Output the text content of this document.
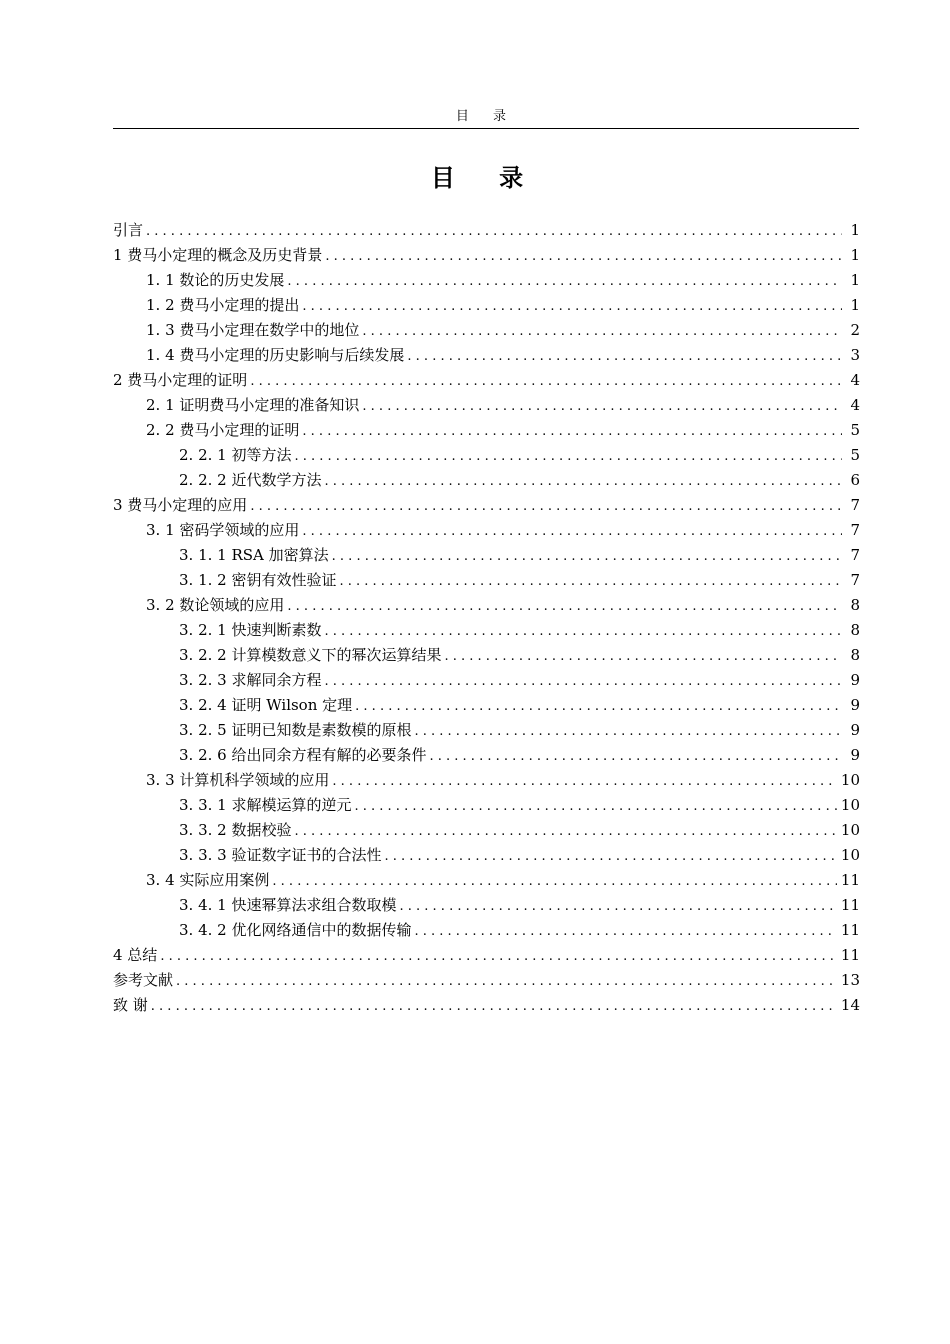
目 录
目 录
引言 . . .	1
1 费马小定理的概念及历史背景 . . .	1
1. 1 数论的历史发展 . . .	1
1. 2 费马小定理的提出 . . .	1
1. 3 费马小定理在数学中的地位 . . .	2
1. 4 费马小定理的历史影响与后续发展 . . .	3
2 费马小定理的证明 . . .	4
2. 1 证明费马小定理的准备知识 . . .	4
2. 2 费马小定理的证明 . . .	5
2. 2. 1 初等方法 . . .	5
2. 2. 2 近代数学方法 . . .	6
3 费马小定理的应用 . . .	7
3. 1 密码学领域的应用 . . .	7
3. 1. 1 RSA 加密算法 . . .	7
3. 1. 2 密钥有效性验证 . . .	7
3. 2 数论领域的应用 . . .	8
3. 2. 1 快速判断素数 . . .	8
3. 2. 2 计算模数意义下的幂次运算结果 . . .	8
3. 2. 3 求解同余方程 . . .	9
3. 2. 4 证明 Wilson 定理 . . .	9
3. 2. 5 证明已知数是素数模的原根 . . .	9
3. 2. 6 给出同余方程有解的必要条件 . . .	9
3. 3 计算机科学领域的应用 . . .	10
3. 3. 1 求解模运算的逆元 . . .	10
3. 3. 2 数据校验 . . .	10
3. 3. 3 验证数字证书的合法性 . . .	10
3. 4 实际应用案例 . . .	11
3. 4. 1 快速幂算法求组合数取模 . . .	11
3. 4. 2 优化网络通信中的数据传输 . . .	11
4 总结 . . .	11
参考文献 . . .	13
致 谢 . . .	14
